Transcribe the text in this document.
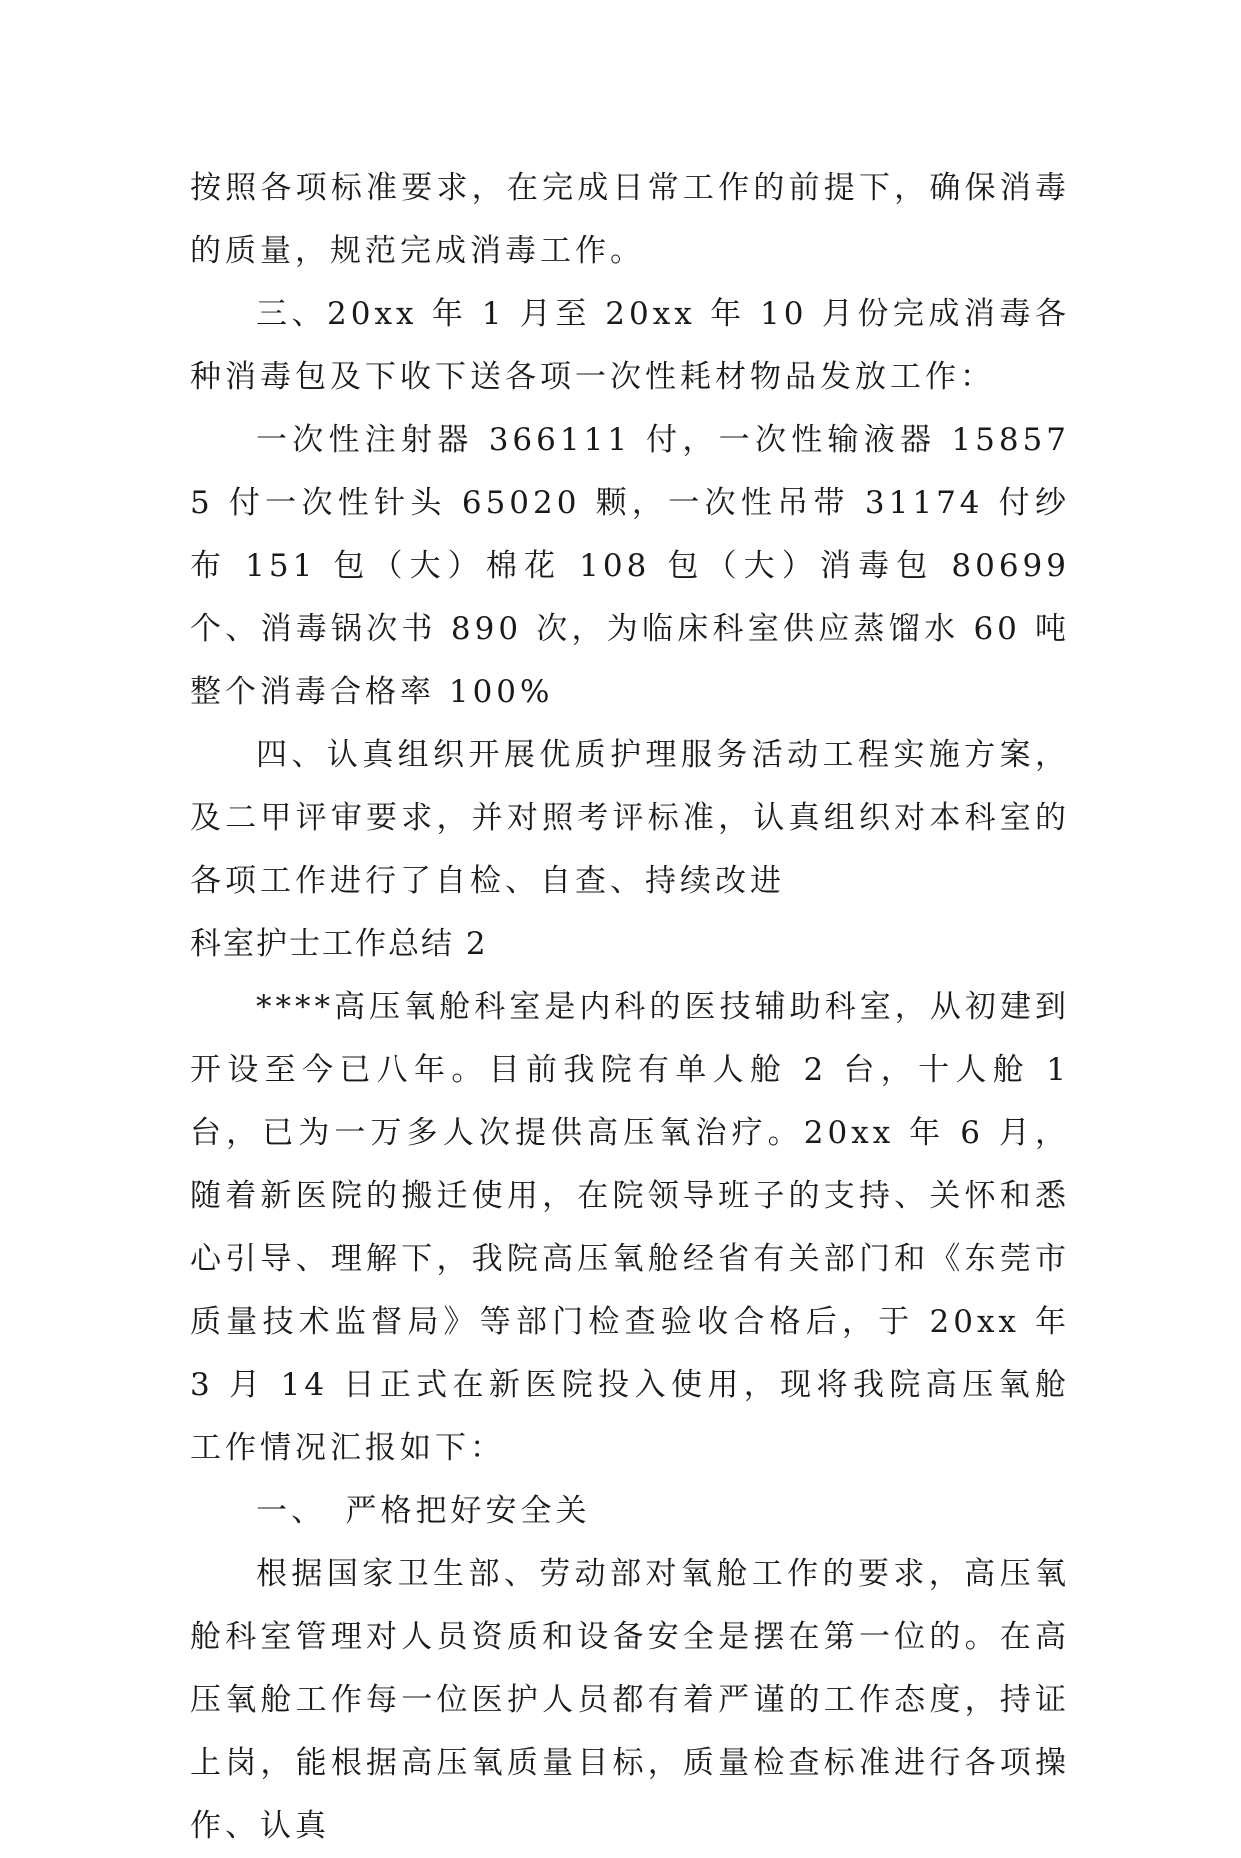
按照各项标准要求，在完成日常工作的前提下，确保消毒的质量，规范完成消毒工作。

三、20xx 年 1 月至 20xx 年 10 月份完成消毒各种消毒包及下收下送各项一次性耗材物品发放工作：

一次性注射器 366111 付，一次性输液器 158575 付一次性针头 65020 颗，一次性吊带 31174 付纱布 151 包（大）棉花 108 包（大）消毒包 80699 个、消毒锅次书 890 次，为临床科室供应蒸馏水 60 吨整个消毒合格率 100%

四、认真组织开展优质护理服务活动工程实施方案，及二甲评审要求，并对照考评标准，认真组织对本科室的各项工作进行了自检、自查、持续改进

科室护士工作总结 2

****高压氧舱科室是内科的医技辅助科室，从初建到开设至今已八年。目前我院有单人舱 2 台，十人舱 1 台，已为一万多人次提供高压氧治疗。20xx 年 6 月，随着新医院的搬迁使用，在院领导班子的支持、关怀和悉心引导、理解下，我院高压氧舱经省有关部门和《东莞市质量技术监督局》等部门检查验收合格后，于 20xx 年 3 月 14 日正式在新医院投入使用，现将我院高压氧舱工作情况汇报如下：

一、　严格把好安全关

根据国家卫生部、劳动部对氧舱工作的要求，高压氧舱科室管理对人员资质和设备安全是摆在第一位的。在高压氧舱工作每一位医护人员都有着严谨的工作态度，持证上岗，能根据高压氧质量目标，质量检查标准进行各项操作、认真
